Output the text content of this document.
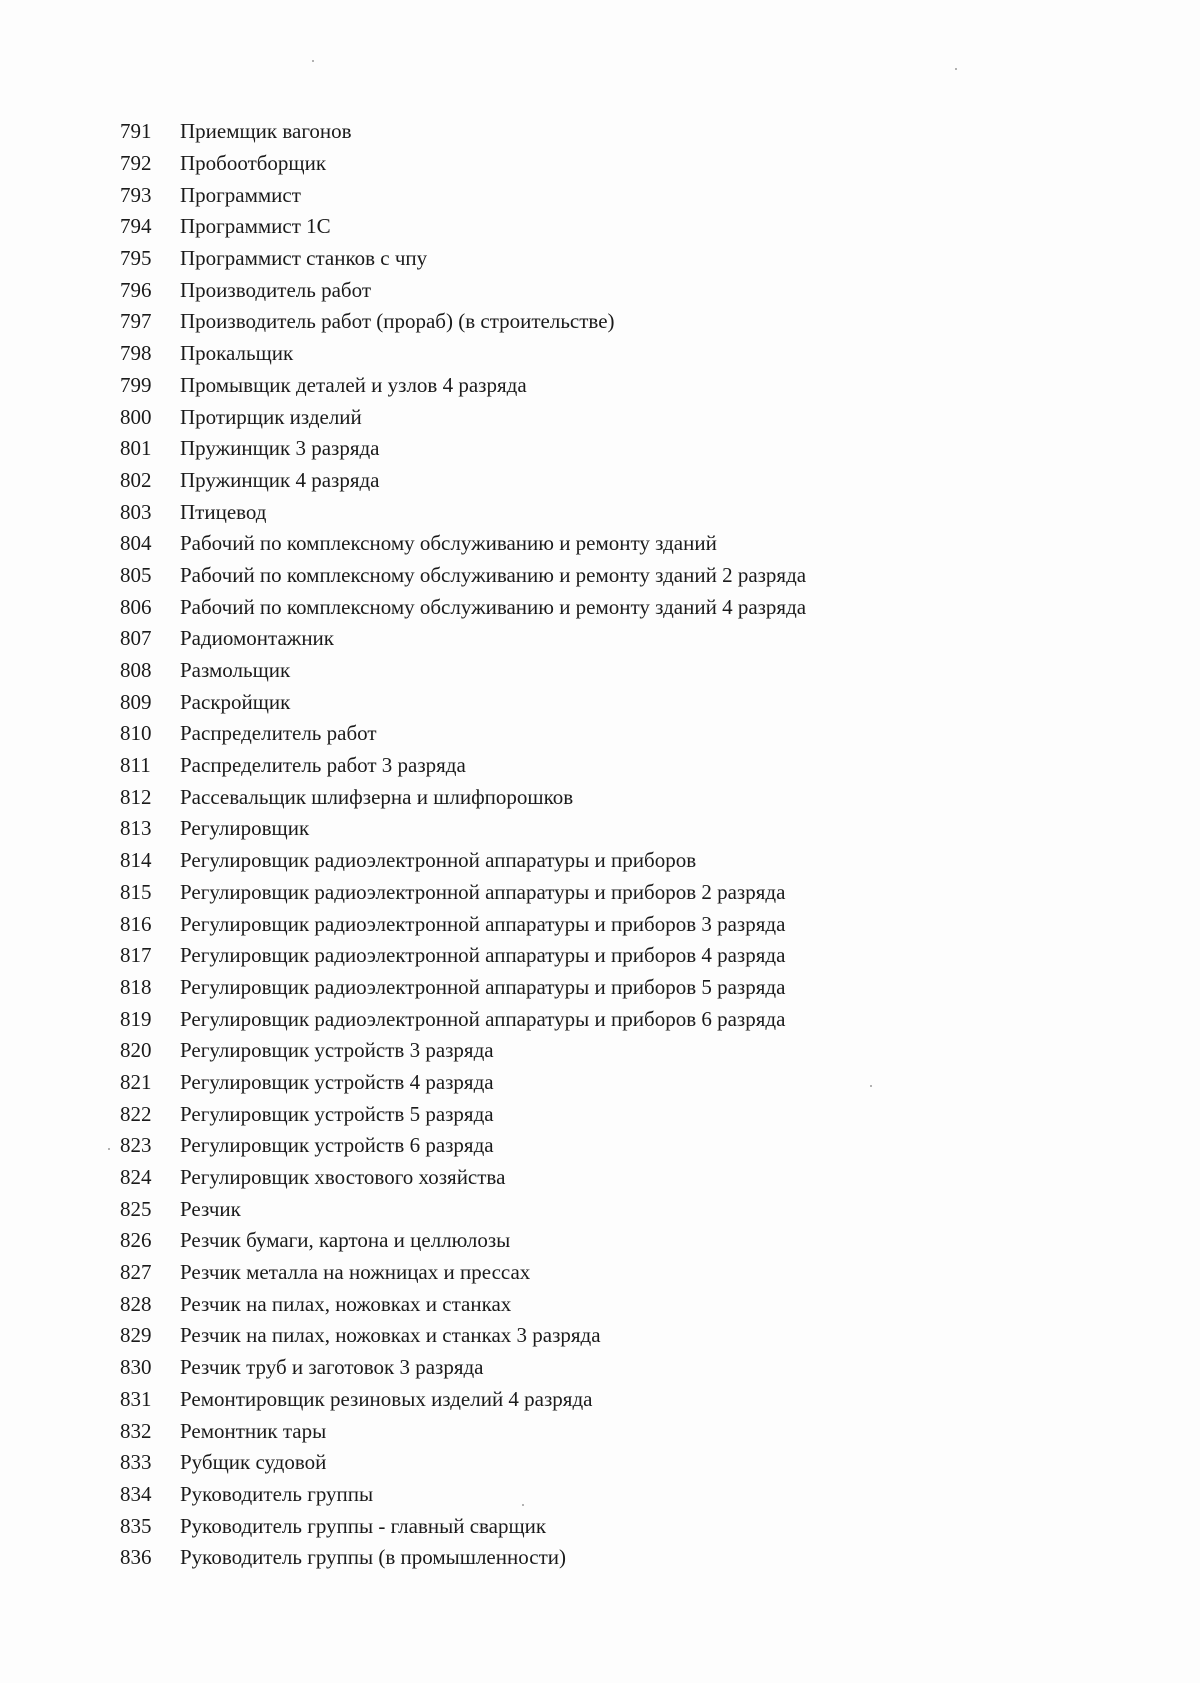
791	Приемщик вагонов
792	Пробоотборщик
793	Программист
794	Программист 1С
795	Программист станков с чпу
796	Производитель работ
797	Производитель работ (прораб) (в строительстве)
798	Прокальщик
799	Промывщик деталей и узлов 4 разряда
800	Протирщик изделий
801	Пружинщик 3 разряда
802	Пружинщик 4 разряда
803	Птицевод
804	Рабочий по комплексному обслуживанию и ремонту зданий
805	Рабочий по комплексному обслуживанию и ремонту зданий 2 разряда
806	Рабочий по комплексному обслуживанию и ремонту зданий 4 разряда
807	Радиомонтажник
808	Размольщик
809	Раскройщик
810	Распределитель работ
811	Распределитель работ 3 разряда
812	Рассевальщик шлифзерна и шлифпорошков
813	Регулировщик
814	Регулировщик радиоэлектронной аппаратуры и приборов
815	Регулировщик радиоэлектронной аппаратуры и приборов 2 разряда
816	Регулировщик радиоэлектронной аппаратуры и приборов 3 разряда
817	Регулировщик радиоэлектронной аппаратуры и приборов 4 разряда
818	Регулировщик радиоэлектронной аппаратуры и приборов 5 разряда
819	Регулировщик радиоэлектронной аппаратуры и приборов 6 разряда
820	Регулировщик устройств 3 разряда
821	Регулировщик устройств 4 разряда
822	Регулировщик устройств 5 разряда
823	Регулировщик устройств 6 разряда
824	Регулировщик хвостового хозяйства
825	Резчик
826	Резчик бумаги, картона и целлюлозы
827	Резчик металла на ножницах и прессах
828	Резчик на пилах, ножовках и станках
829	Резчик на пилах, ножовках и станках 3 разряда
830	Резчик труб и заготовок 3 разряда
831	Ремонтировщик резиновых изделий 4 разряда
832	Ремонтник тары
833	Рубщик судовой
834	Руководитель группы
835	Руководитель группы - главный сварщик
836	Руководитель группы (в промышленности)
